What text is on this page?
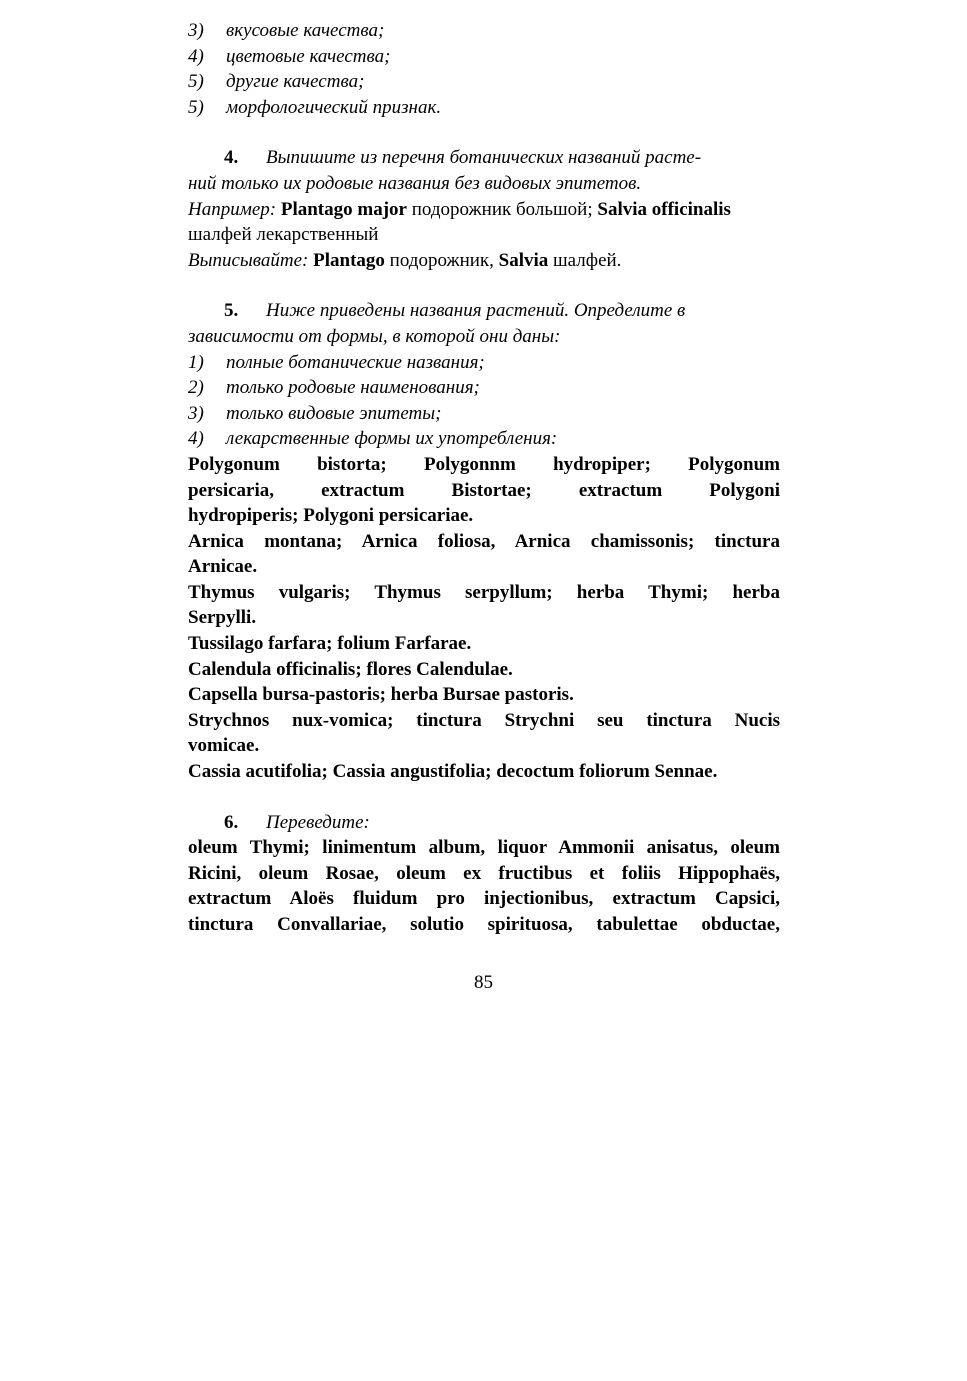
3) вкусовые качества;
4) цветовые качества;
5) другие качества;
5) морфологический признак.
4. Выпишите из перечня ботанических названий расте-
ний только их родовые названия без видовых эпитетов.
Например: Plantago major подорожник большой; Salvia officinalis
шалфей лекарственный
Выписывайте: Plantago подорожник, Salvia шалфей.
5. Ниже приведены названия растений. Определите в
зависимости от формы, в которой они даны:
1) полные ботанические названия;
2) только родовые наименования;
3) только видовые эпитеты;
4) лекарственные формы их употребления:
Polygonum bistorta; Polygonnm hydropiper; Polygonum
persicaria, extractum Bistortae; extractum Polygoni
hydropiperis; Polygoni persicariae.
Arnica montana; Arnica foliosa, Arnica chamissonis; tinctura
Arnicae.
Thymus vulgaris; Thymus serpyllum; herba Thymi; herba
Serpylli.
Tussilago farfara; folium Farfarae.
Calendula officinalis; flores Calendulae.
Capsella bursa-pastoris; herba Bursae pastoris.
Strychnos nux-vomica; tinctura Strychni seu tinctura Nucis
vomicae.
Cassia acutifolia; Cassia angustifolia; decoctum foliorum Sennae.
6. Переведите:
oleum Thymi; linimentum album, liquor Ammonii anisatus, oleum
Ricini, oleum Rosae, oleum ex fructibus et foliis Hippophaës,
extractum Aloës fluidum pro injectionibus, extractum Capsici,
tinctura Convallariae, solutio spirituosa, tabulettae obductae,
85
